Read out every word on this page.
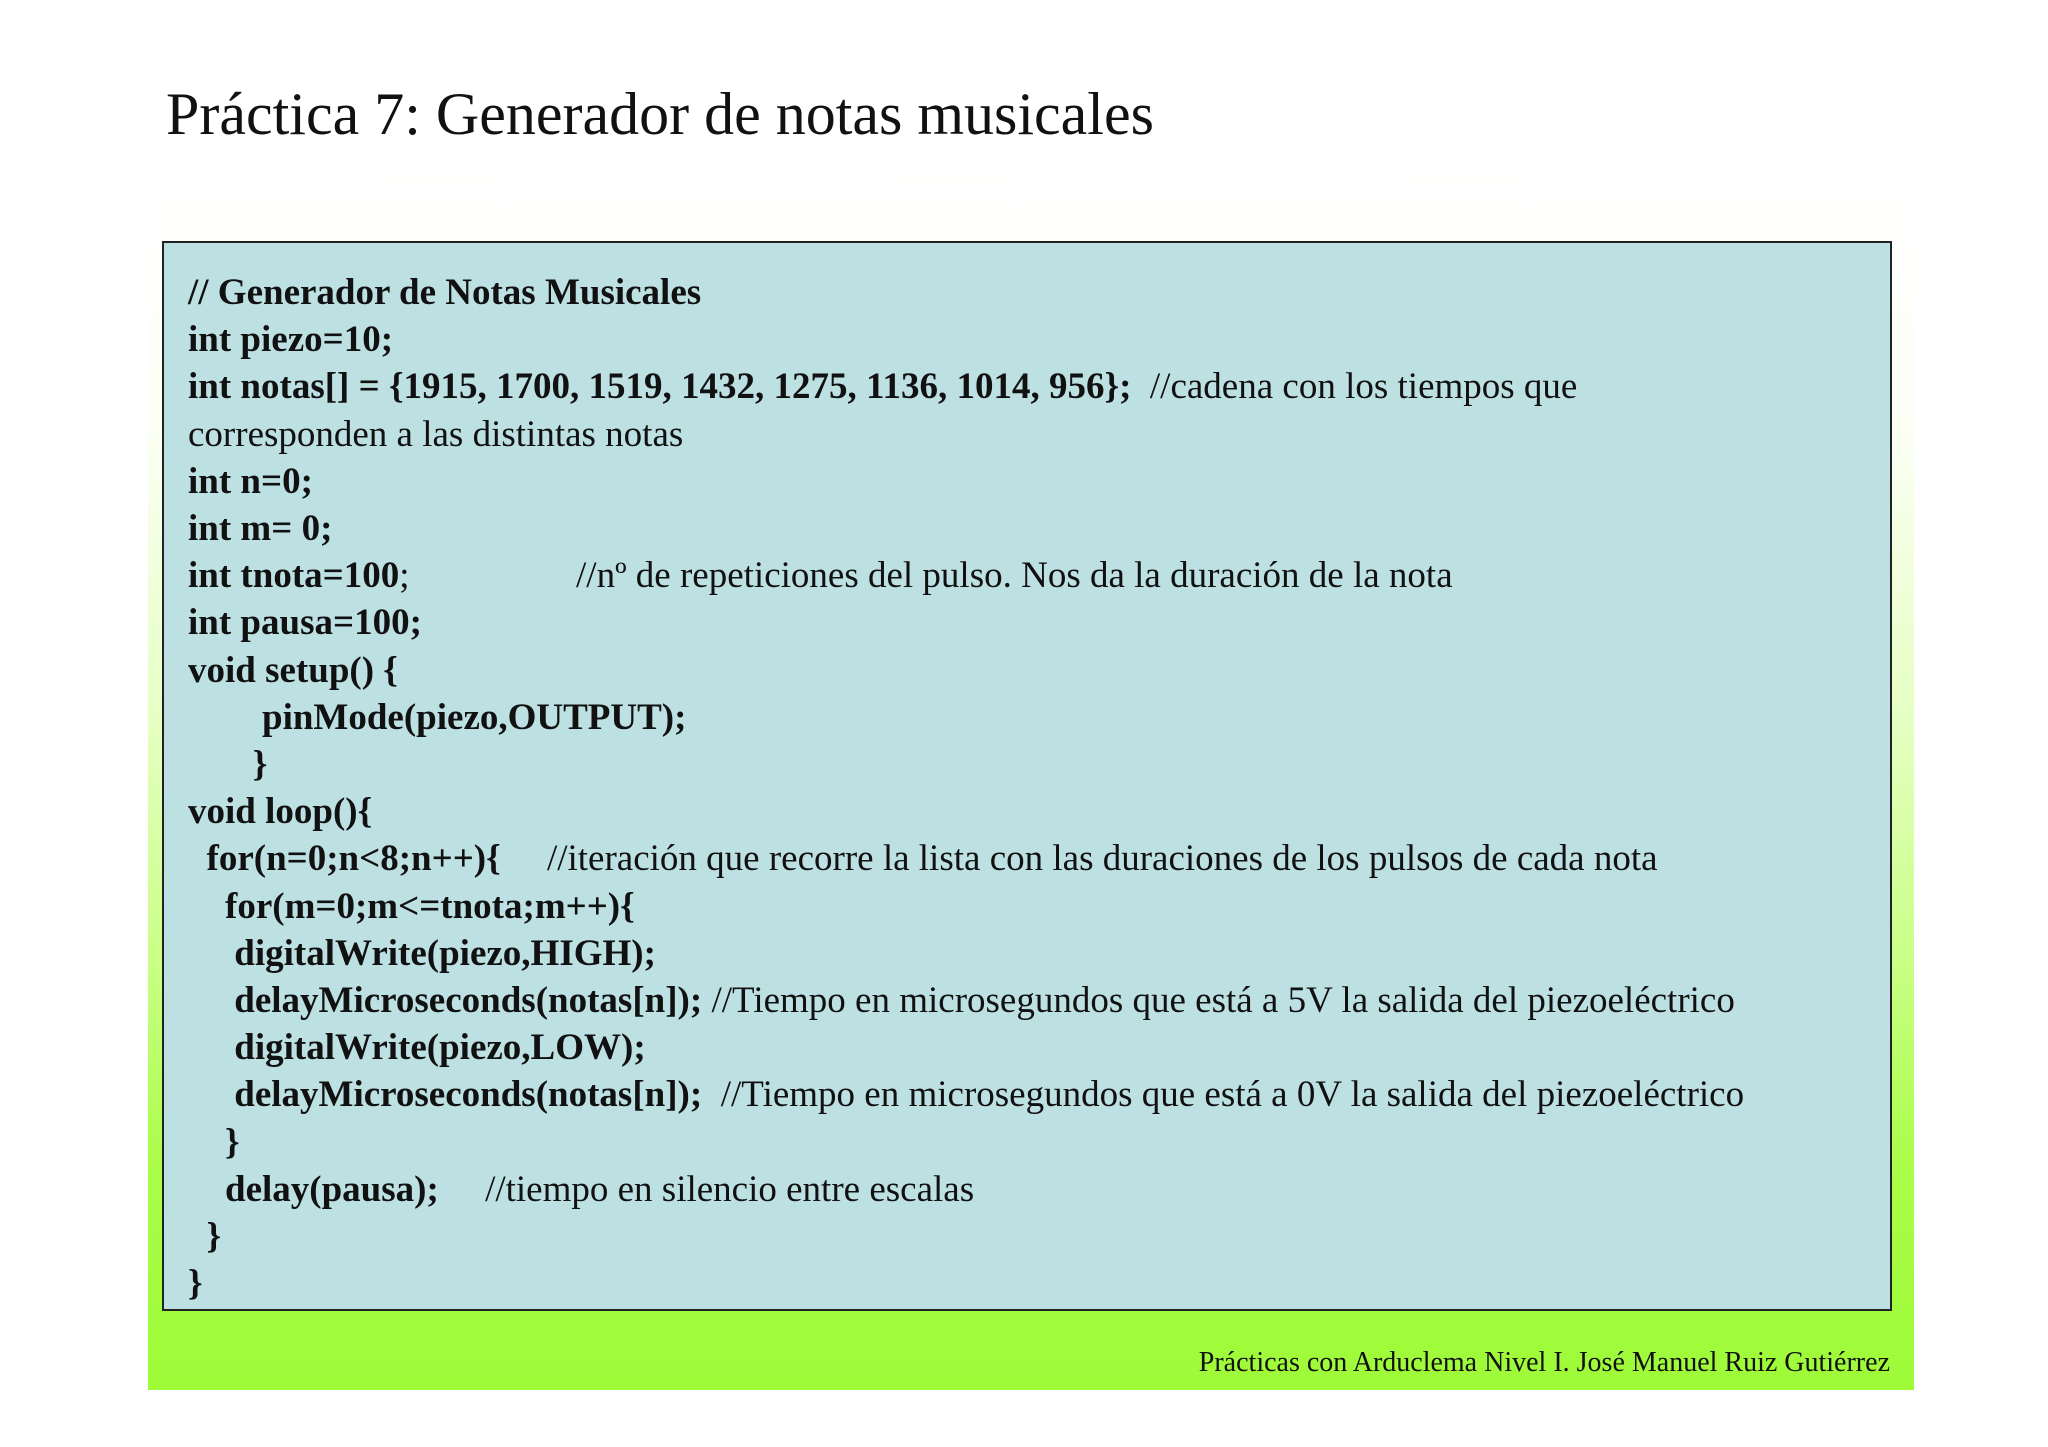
Práctica 7: Generador de notas musicales
// Generador de Notas Musicales
int piezo=10;
int notas[] = {1915, 1700, 1519, 1432, 1275, 1136, 1014, 956};  //cadena con los tiempos que
corresponden a las distintas notas
int n=0;
int m= 0;
int tnota=100;                  //nº de repeticiones del pulso. Nos da la duración de la nota
int pausa=100;
void setup() {
pinMode(piezo,OUTPUT);
}
void loop(){
for(n=0;n<8;n++){     //iteración que recorre la lista con las duraciones de los pulsos de cada nota
for(m=0;m<=tnota;m++){
digitalWrite(piezo,HIGH);
delayMicroseconds(notas[n]); //Tiempo en microsegundos que está a 5V la salida del piezoeléctrico
digitalWrite(piezo,LOW);
delayMicroseconds(notas[n]);  //Tiempo en microsegundos que está a 0V la salida del piezoeléctrico
}
delay(pausa);     //tiempo en silencio entre escalas
}
}
Prácticas con Arduclema Nivel I. José Manuel Ruiz Gutiérrez
